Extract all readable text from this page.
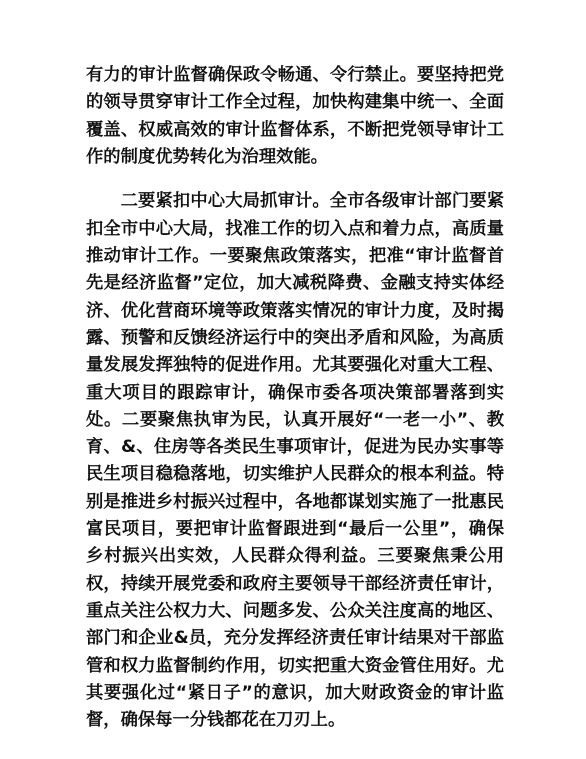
有力的审计监督确保政令畅通、令行禁止。要坚持把党的领导贯穿审计工作全过程，加快构建集中统一、全面覆盖、权威高效的审计监督体系，不断把党领导审计工作的制度优势转化为治理效能。

二要紧扣中心大局抓审计。全市各级审计部门要紧扣全市中心大局，找准工作的切入点和着力点，高质量推动审计工作。一要聚焦政策落实，把准“审计监督首先是经济监督”定位，加大减税降费、金融支持实体经济、优化营商环境等政策落实情况的审计力度，及时揭露、预警和反馈经济运行中的突出矛盾和风险，为高质量发展发挥独特的促进作用。尤其要强化对重大工程、重大项目的跟踪审计，确保市委各项决策部署落到实处。二要聚焦执审为民，认真开展好“一老一小”、教育、&、住房等各类民生事项审计，促进为民办实事等民生项目稳稳落地，切实维护人民群众的根本利益。特别是推进乡村振兴过程中，各地都谋划实施了一批惠民富民项目，要把审计监督跟进到“最后一公里”，确保乡村振兴出实效，人民群众得利益。三要聚焦秉公用权，持续开展党委和政府主要领导干部经济责任审计，重点关注公权力大、问题多发、公众关注度高的地区、部门和企业&员，充分发挥经济责任审计结果对干部监管和权力监督制约作用，切实把重大资金管住用好。尤其要强化过“紧日子”的意识，加大财政资金的审计监督，确保每一分钱都花在刀刃上。
